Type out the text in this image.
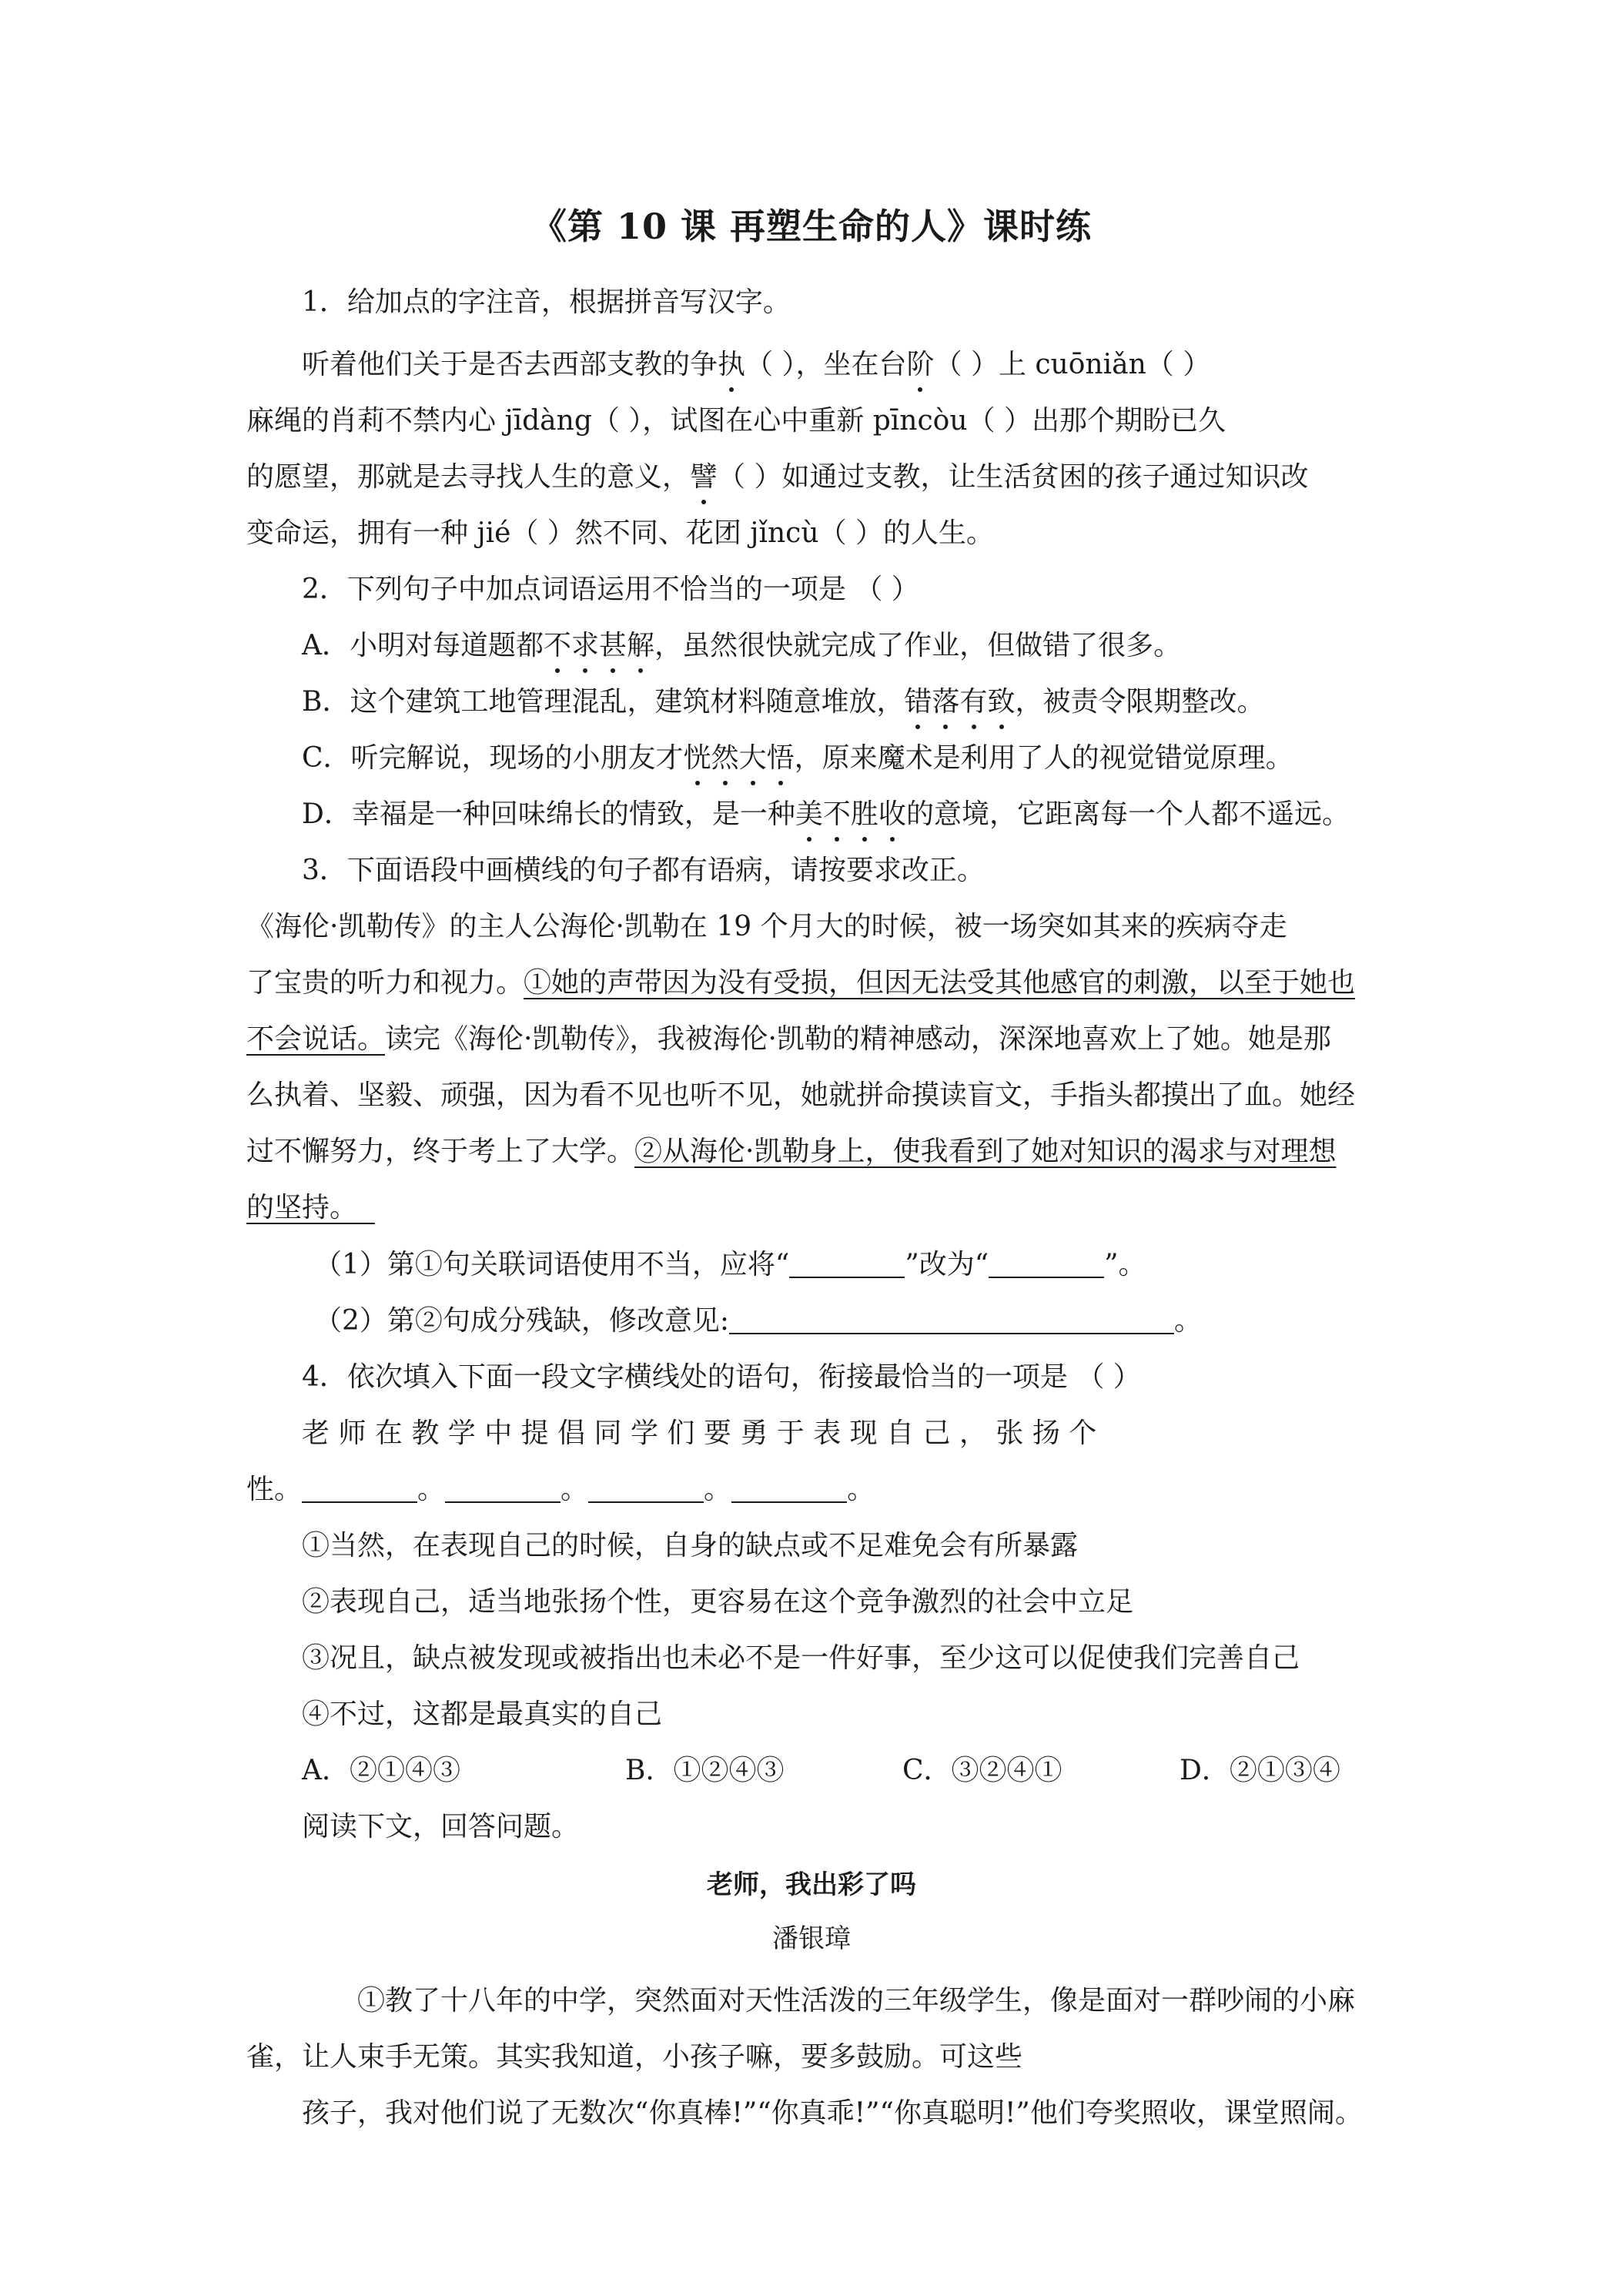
《第 10 课 再塑生命的人》课时练
1．给加点的字注音，根据拼音写汉字。
听着他们关于是否去西部支教的争执（ ），坐在台阶（ ）上 cuōniǎn（ ）
麻绳的肖莉不禁内心 jīdàng（ ），试图在心中重新 pīncòu（ ）出那个期盼已久
的愿望，那就是去寻找人生的意义，譬（ ）如通过支教，让生活贫困的孩子通过知识改
变命运，拥有一种 jié（ ）然不同、花团 jǐncù（ ）的人生。
2．下列句子中加点词语运用不恰当的一项是 （ ）
A．小明对每道题都不求甚解，虽然很快就完成了作业，但做错了很多。
B．这个建筑工地管理混乱，建筑材料随意堆放，错落有致，被责令限期整改。
C．听完解说，现场的小朋友才恍然大悟，原来魔术是利用了人的视觉错觉原理。
D．幸福是一种回味绵长的情致，是一种美不胜收的意境，它距离每一个人都不遥远。
3．下面语段中画横线的句子都有语病，请按要求改正。
《海伦·凯勒传》的主人公海伦·凯勒在 19 个月大的时候，被一场突如其来的疾病夺走
了宝贵的听力和视力。①她的声带因为没有受损，但因无法受其他感官的刺激，以至于她也
不会说话。读完《海伦·凯勒传》，我被海伦·凯勒的精神感动，深深地喜欢上了她。她是那
么执着、坚毅、顽强，因为看不见也听不见，她就拼命摸读盲文，手指头都摸出了血。她经
过不懈努力，终于考上了大学。②从海伦·凯勒身上，使我看到了她对知识的渴求与对理想
的坚持。
（1）第①句关联词语使用不当，应将“	”改为“	”。
（2）第②句成分残缺，修改意见:	。
4．依次填入下面一段文字横线处的语句，衔接最恰当的一项是 （ ）
老 师 在 教 学 中 提 倡 同 学 们 要 勇 于 表 现 自 己 ， 张 扬 个
性。	。	。	。	。
①当然，在表现自己的时候，自身的缺点或不足难免会有所暴露
②表现自己，适当地张扬个性，更容易在这个竞争激烈的社会中立足
③况且，缺点被发现或被指出也未必不是一件好事，至少这可以促使我们完善自己
④不过，这都是最真实的自己
A．②①④③	B．①②④③	C．③②④①	D．②①③④
阅读下文，回答问题。
老师，我出彩了吗
潘银璋
①教了十八年的中学，突然面对天性活泼的三年级学生，像是面对一群吵闹的小麻
雀，让人束手无策。其实我知道，小孩子嘛，要多鼓励。可这些
孩子，我对他们说了无数次“你真棒!”“你真乖!”“你真聪明!”他们夸奖照收，课堂照闹。
